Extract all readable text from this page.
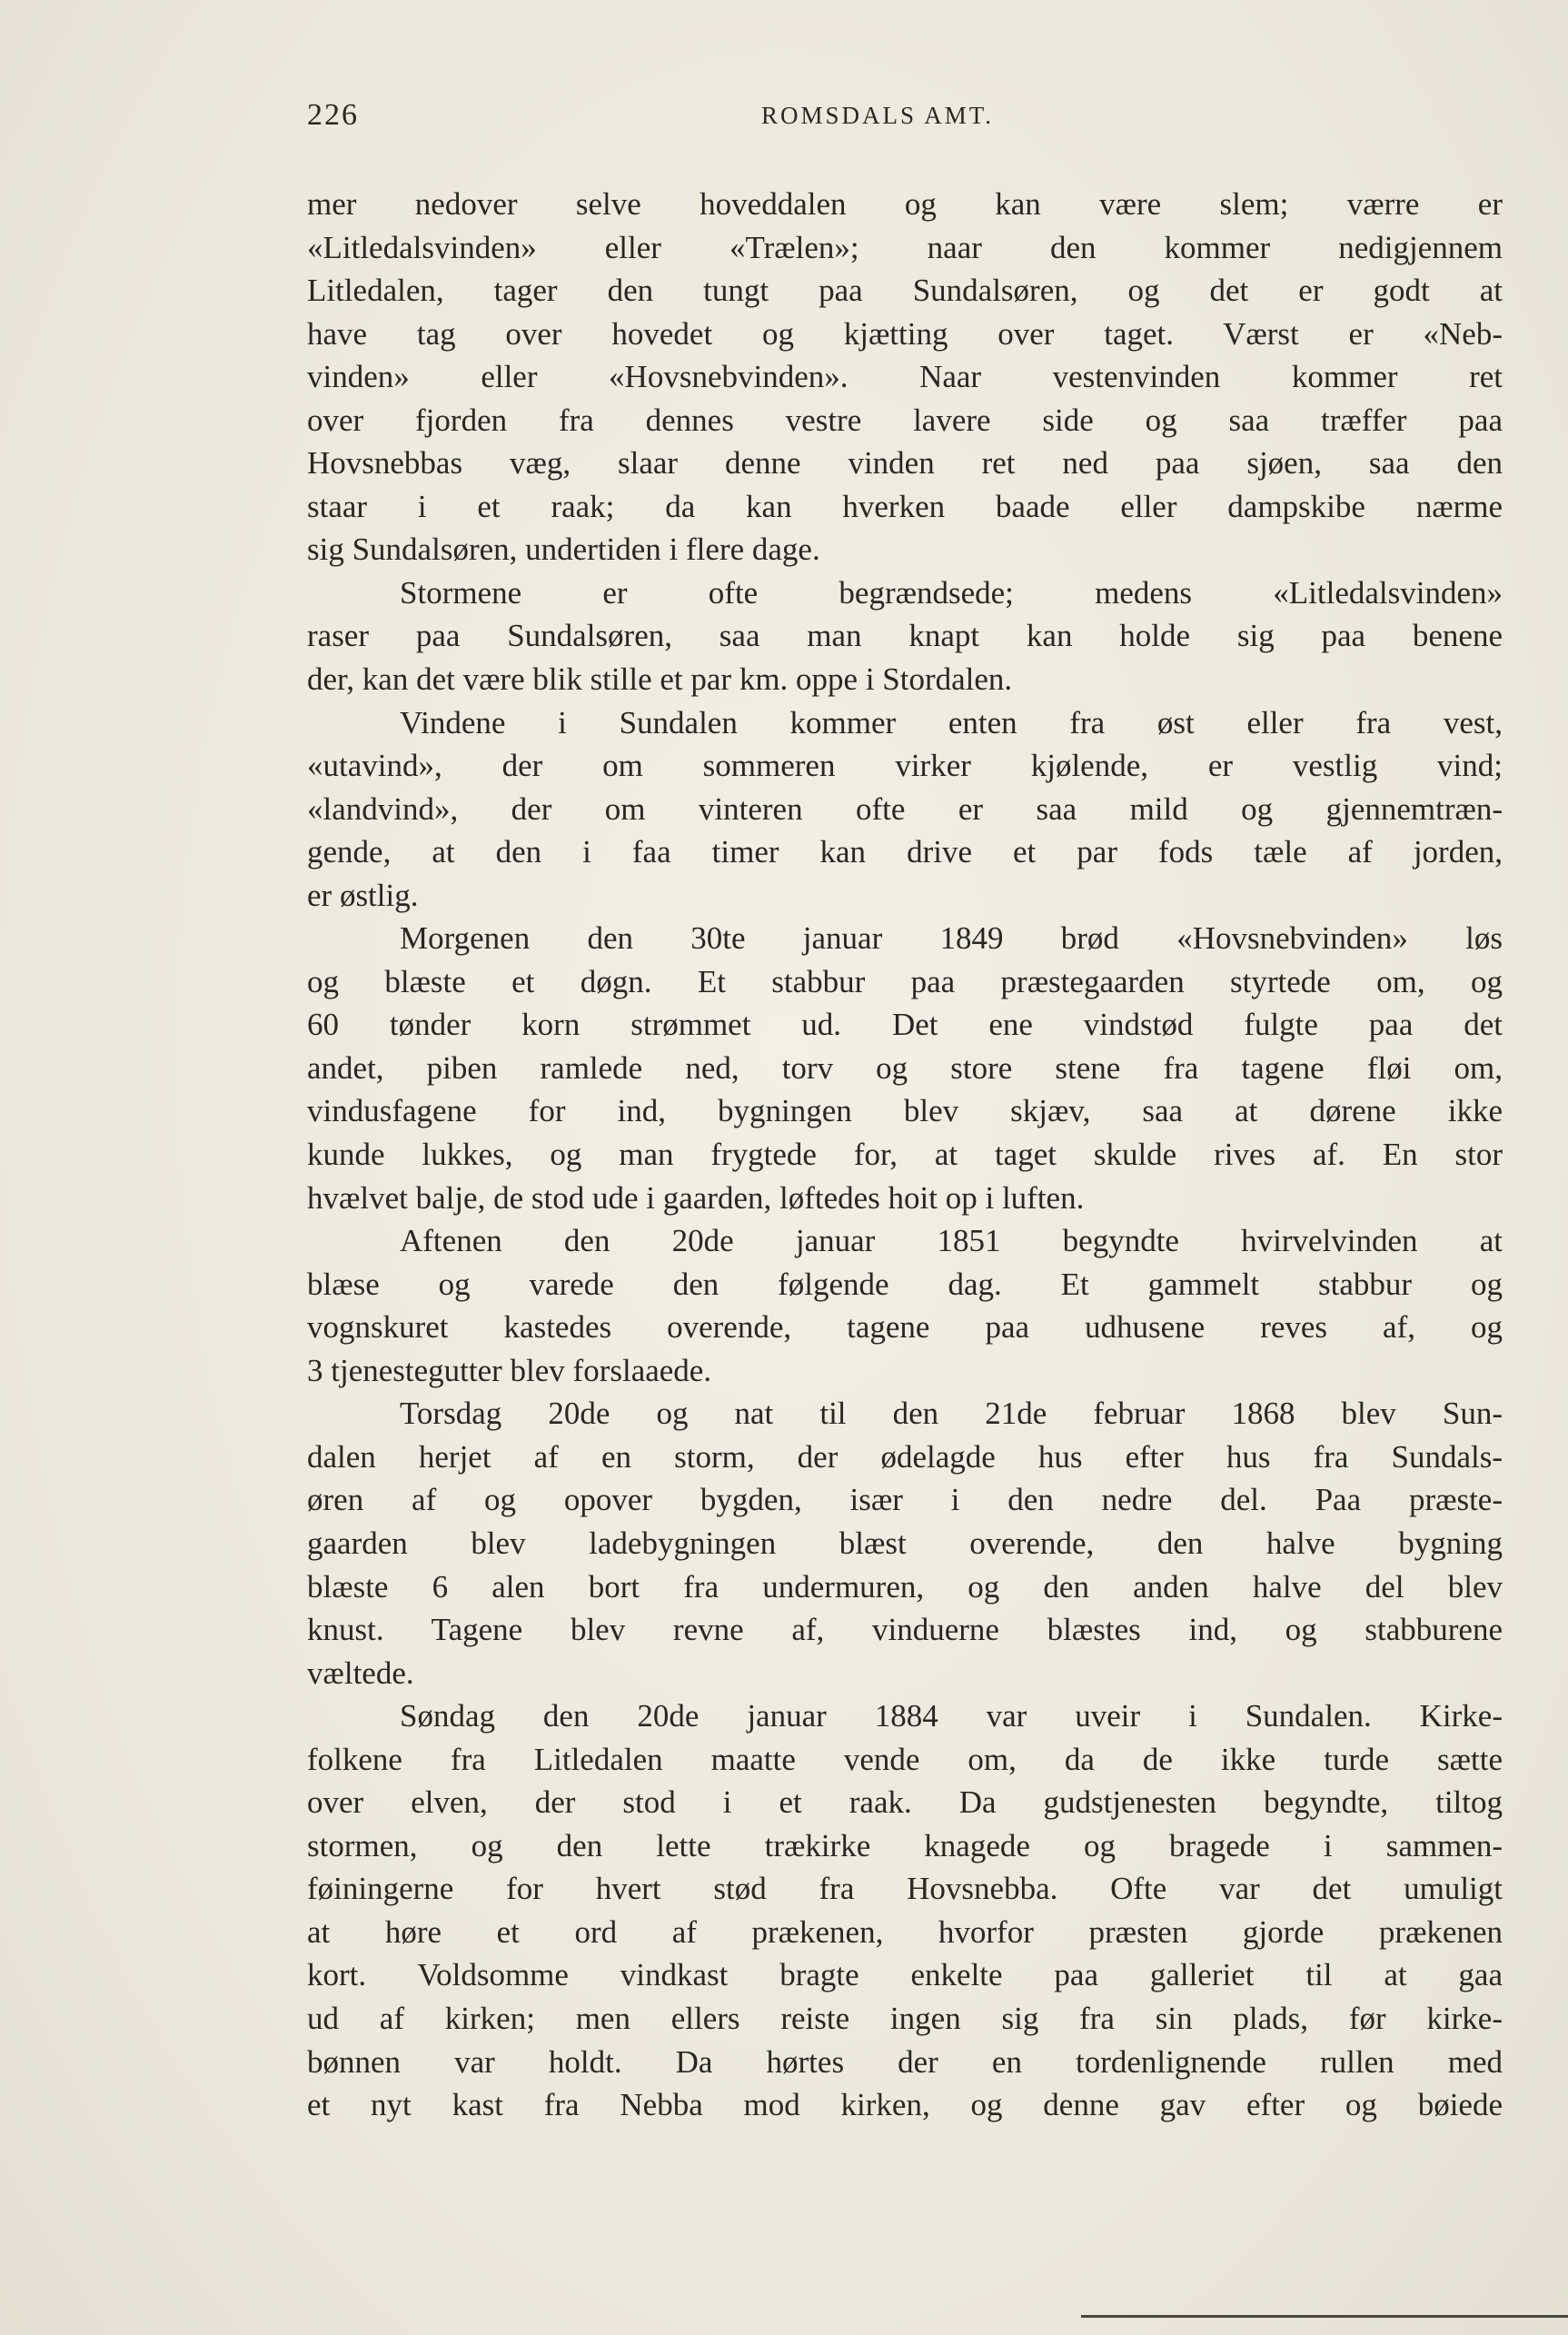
226	ROMSDALS AMT.
mer nedover selve hoveddalen og kan være slem; værre er
«Litledalsvinden» eller «Trælen»; naar den kommer nedigjennem
Litledalen, tager den tungt paa Sundalsøren, og det er godt at
have tag over hovedet og kjætting over taget. Værst er «Neb-
vinden» eller «Hovsnebvinden». Naar vestenvinden kommer ret
over fjorden fra dennes vestre lavere side og saa træffer paa
Hovsnebbas væg, slaar denne vinden ret ned paa sjøen, saa den
staar i et raak; da kan hverken baade eller dampskibe nærme
sig Sundalsøren, undertiden i flere dage.
Stormene er ofte begrændsede; medens «Litledalsvinden»
raser paa Sundalsøren, saa man knapt kan holde sig paa benene
der, kan det være blik stille et par km. oppe i Stordalen.
Vindene i Sundalen kommer enten fra øst eller fra vest,
«utavind», der om sommeren virker kjølende, er vestlig vind;
«landvind», der om vinteren ofte er saa mild og gjennemtræn-
gende, at den i faa timer kan drive et par fods tæle af jorden,
er østlig.
Morgenen den 30te januar 1849 brød «Hovsnebvinden» løs
og blæste et døgn. Et stabbur paa præstegaarden styrtede om, og
60 tønder korn strømmet ud. Det ene vindstød fulgte paa det
andet, piben ramlede ned, torv og store stene fra tagene fløi om,
vindusfagene for ind, bygningen blev skjæv, saa at dørene ikke
kunde lukkes, og man frygtede for, at taget skulde rives af. En stor
hvælvet balje, de stod ude i gaarden, løftedes hoit op i luften.
Aftenen den 20de januar 1851 begyndte hvirvelvinden at
blæse og varede den følgende dag. Et gammelt stabbur og
vognskuret kastedes overende, tagene paa udhusene reves af, og
3 tjenestegutter blev forslaaede.
Torsdag 20de og nat til den 21de februar 1868 blev Sun-
dalen herjet af en storm, der ødelagde hus efter hus fra Sundals-
øren af og opover bygden, især i den nedre del. Paa præste-
gaarden blev ladebygningen blæst overende, den halve bygning
blæste 6 alen bort fra undermuren, og den anden halve del blev
knust. Tagene blev revne af, vinduerne blæstes ind, og stabburene
væltede.
Søndag den 20de januar 1884 var uveir i Sundalen. Kirke-
folkene fra Litledalen maatte vende om, da de ikke turde sætte
over elven, der stod i et raak. Da gudstjenesten begyndte, tiltog
stormen, og den lette trækirke knagede og bragede i sammen-
føiningerne for hvert stød fra Hovsnebba. Ofte var det umuligt
at høre et ord af prækenen, hvorfor præsten gjorde prækenen
kort. Voldsomme vindkast bragte enkelte paa galleriet til at gaa
ud af kirken; men ellers reiste ingen sig fra sin plads, før kirke-
bønnen var holdt. Da hørtes der en tordenlignende rullen med
et nyt kast fra Nebba mod kirken, og denne gav efter og bøiede
